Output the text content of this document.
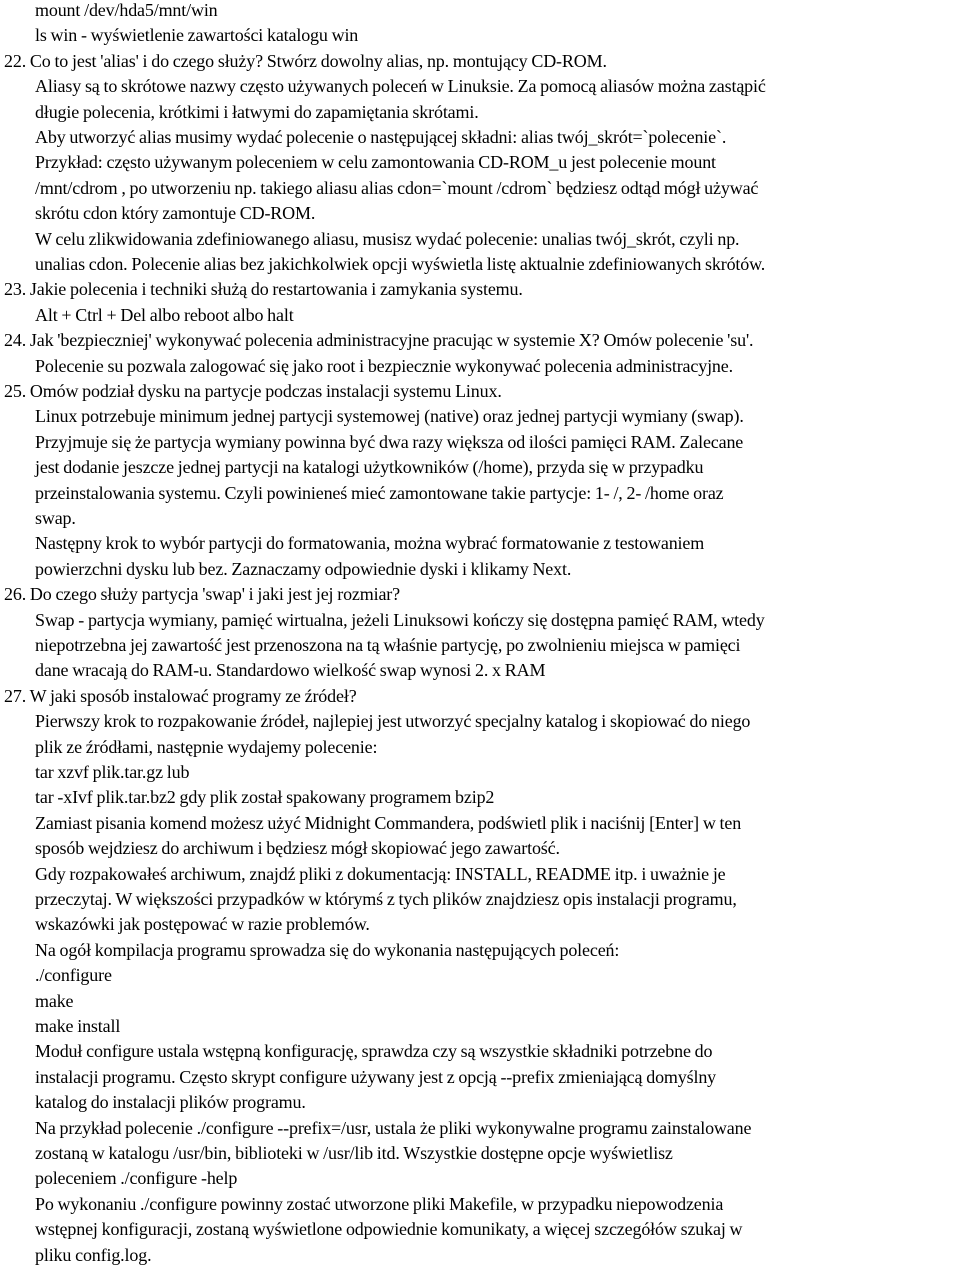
mount /dev/hda5/mnt/win

ls win - wyświetlenie zawartości katalogu win

22. Co to jest 'alias' i do czego służy? Stwórz dowolny alias, np. montujący CD-ROM.

Aliasy są to skrótowe nazwy często używanych poleceń w Linuksie. Za pomocą aliasów można zastąpić

długie polecenia, krótkimi i łatwymi do zapamiętania skrótami.

Aby utworzyć alias musimy wydać polecenie o następującej składni: alias twój_skrót=`polecenie`.

Przykład: często używanym poleceniem w celu zamontowania CD-ROM_u jest polecenie mount

/mnt/cdrom , po utworzeniu np. takiego aliasu alias cdon=`mount /cdrom` będziesz odtąd mógł używać

skrótu cdon który zamontuje CD-ROM.

W celu zlikwidowania zdefiniowanego aliasu, musisz wydać polecenie: unalias twój_skrót, czyli np.

unalias cdon. Polecenie alias bez jakichkolwiek opcji wyświetla listę aktualnie zdefiniowanych skrótów.

23. Jakie polecenia i techniki służą do restartowania i zamykania systemu.

Alt + Ctrl + Del albo reboot albo halt

24. Jak 'bezpieczniej' wykonywać polecenia administracyjne pracując w systemie X? Omów polecenie 'su'.

Polecenie su pozwala zalogować się jako root i bezpiecznie wykonywać polecenia administracyjne.

25. Omów podział dysku na partycje podczas instalacji systemu Linux.

Linux potrzebuje minimum jednej partycji systemowej (native) oraz jednej partycji wymiany (swap).

Przyjmuje się że partycja wymiany powinna być dwa razy większa od ilości pamięci RAM. Zalecane

jest dodanie jeszcze jednej partycji na katalogi użytkowników (/home), przyda się w przypadku

przeinstalowania systemu. Czyli powinieneś mieć zamontowane takie partycje: 1- /, 2- /home oraz

swap.

Następny krok to wybór partycji do formatowania, można wybrać formatowanie z testowaniem

powierzchni dysku lub bez. Zaznaczamy odpowiednie dyski i klikamy Next.

26. Do czego służy partycja 'swap' i jaki jest jej rozmiar?

Swap - partycja wymiany, pamięć wirtualna, jeżeli Linuksowi kończy się dostępna pamięć RAM, wtedy

niepotrzebna jej zawartość jest przenoszona na tą właśnie partycję, po zwolnieniu miejsca w pamięci

dane wracają do RAM-u. Standardowo wielkość swap wynosi 2. x RAM

27. W jaki sposób instalować programy ze źródeł?

Pierwszy krok to rozpakowanie źródeł, najlepiej jest utworzyć specjalny katalog i skopiować do niego

plik ze źródłami, następnie wydajemy polecenie:

tar xzvf plik.tar.gz lub

tar -xIvf plik.tar.bz2 gdy plik został spakowany programem bzip2

Zamiast pisania komend możesz użyć Midnight Commandera, podświetl plik i naciśnij [Enter] w ten

sposób wejdziesz do archiwum i będziesz mógł skopiować jego zawartość.

Gdy rozpakowałeś archiwum, znajdź pliki z dokumentacją: INSTALL, README itp. i uważnie je

przeczytaj. W większości przypadków w którymś z tych plików znajdziesz opis instalacji programu,

wskazówki jak postępować w razie problemów.

Na ogół kompilacja programu sprowadza się do wykonania następujących poleceń:

./configure

make

make install

Moduł configure ustala wstępną konfigurację, sprawdza czy są wszystkie składniki potrzebne do

instalacji programu. Często skrypt configure używany jest z opcją --prefix zmieniającą domyślny

katalog do instalacji plików programu.

Na przykład polecenie ./configure --prefix=/usr, ustala że pliki wykonywalne programu zainstalowane

zostaną w katalogu /usr/bin, biblioteki w /usr/lib itd. Wszystkie dostępne opcje wyświetlisz

poleceniem ./configure -help

Po wykonaniu ./configure powinny zostać utworzone pliki Makefile, w przypadku niepowodzenia

wstępnej konfiguracji, zostaną wyświetlone odpowiednie komunikaty, a więcej szczegółów szukaj w

pliku config.log.
